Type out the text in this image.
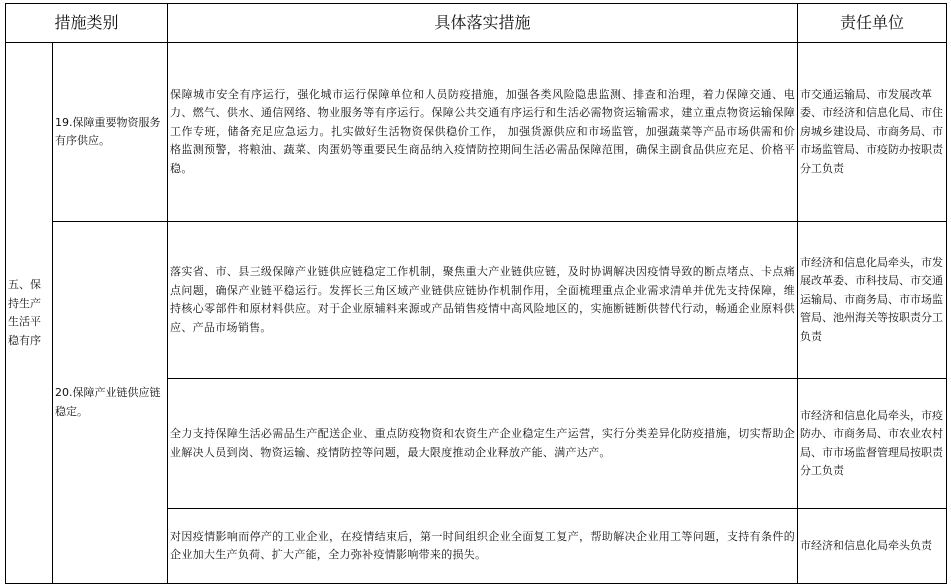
措施类别		具体落实措施	责任单位
五、保持生产生活平稳有序	19.保障重要物资服务有序供应。	保障城市安全有序运行，强化城市运行保障单位和人员防疫措施，加强各类风险隐患监测、排查和治理，着力保障交通、电力、燃气、供水、通信网络、物业服务等有序运行。保障公共交通有序运行和生活必需物资运输需求，建立重点物资运输保障工作专班，储备充足应急运力。扎实做好生活物资保供稳价工作， 加强货源供应和市场监管，加强蔬菜等产品市场供需和价格监测预警，将粮油、蔬菜、肉蛋奶等重要民生商品纳入疫情防控期间生活必需品保障范围，确保主副食品供应充足、价格平稳。	市交通运输局、市发展改革委、市经济和信息化局、市住房城乡建设局、市商务局、市市场监管局、市疫防办按职责分工负责
	20.保障产业链供应链稳定。	落实省、市、县三级保障产业链供应链稳定工作机制，聚焦重大产业链供应链，及时协调解决因疫情导致的断点堵点、卡点痛点问题，确保产业链平稳运行。发挥长三角区域产业链供应链协作机制作用，全面梳理重点企业需求清单并优先支持保障，维持核心零部件和原材料供应。对于企业原辅料来源或产品销售疫情中高风险地区的，实施断链断供替代行动，畅通企业原料供应、产品市场销售。	市经济和信息化局牵头，市发展改革委、市科技局、市交通运输局、市商务局、市市场监管局、池州海关等按职责分工负责
		全力支持保障生活必需品生产配送企业、重点防疫物资和农资生产企业稳定生产运营，实行分类差异化防疫措施，切实帮助企业解决人员到岗、物资运输、疫情防控等问题，最大限度推动企业释放产能、满产达产。	市经济和信息化局牵头，市疫防办、市商务局、市农业农村局、市市场监督管理局按职责分工负责
		对因疫情影响而停产的工业企业，在疫情结束后，第一时间组织企业全面复工复产，帮助解决企业用工等问题，支持有条件的企业加大生产负荷、扩大产能，全力弥补疫情影响带来的损失。	市经济和信息化局牵头负责
